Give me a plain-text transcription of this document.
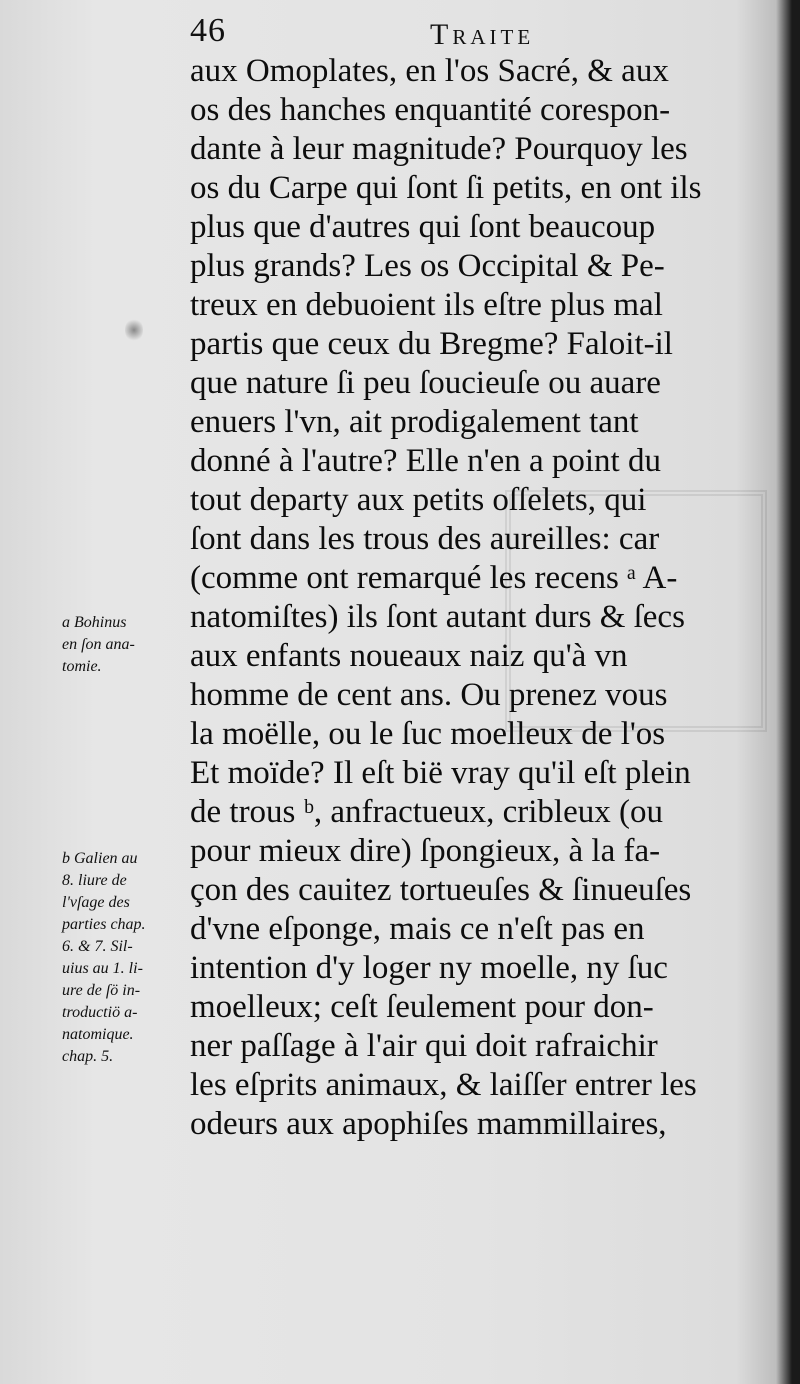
46	Traite
aux Omoplates, en l'os Sacré, & aux
os des hanches enquantité corespon-
dante à leur magnitude? Pourquoy les
os du Carpe qui ſont ſi petits, en ont ils
plus que d'autres qui ſont beaucoup
plus grands? Les os Occipital & Pe-
treux en debuoient ils eſtre plus mal
partis que ceux du Bregme? Faloit-il
que nature ſi peu ſoucieuſe ou auare
enuers l'vn, ait prodigalement tant
donné à l'autre? Elle n'en a point du
tout departy aux petits oſſelets, qui
ſont dans les trous des aureilles: car
(comme ont remarqué les recens ᵃ A-
natomiſtes) ils ſont autant durs & ſecs
aux enfants noueaux naiz qu'à vn
homme de cent ans. Ou prenez vous
la moëlle, ou le ſuc moelleux de l'os
Et moïde? Il eſt bië vray qu'il eſt plein
de trous ᵇ, anfractueux, cribleux (ou
pour mieux dire) ſpongieux, à la fa-
çon des cauitez tortueuſes & ſinueuſes
d'vne eſponge, mais ce n'eſt pas en
intention d'y loger ny moelle, ny ſuc
moelleux; ceſt ſeulement pour don-
ner paſſage à l'air qui doit rafraichir
les eſprits animaux, & laiſſer entrer les
odeurs aux apophiſes mammillaires,
a Bohinus
en ſon ana-
tomie.
b Galien au
8. liure de
l'vſage des
parties chap.
6. & 7. Sil-
uius au 1. li-
ure de ſö in-
troductiö a-
natomique.
chap. 5.
